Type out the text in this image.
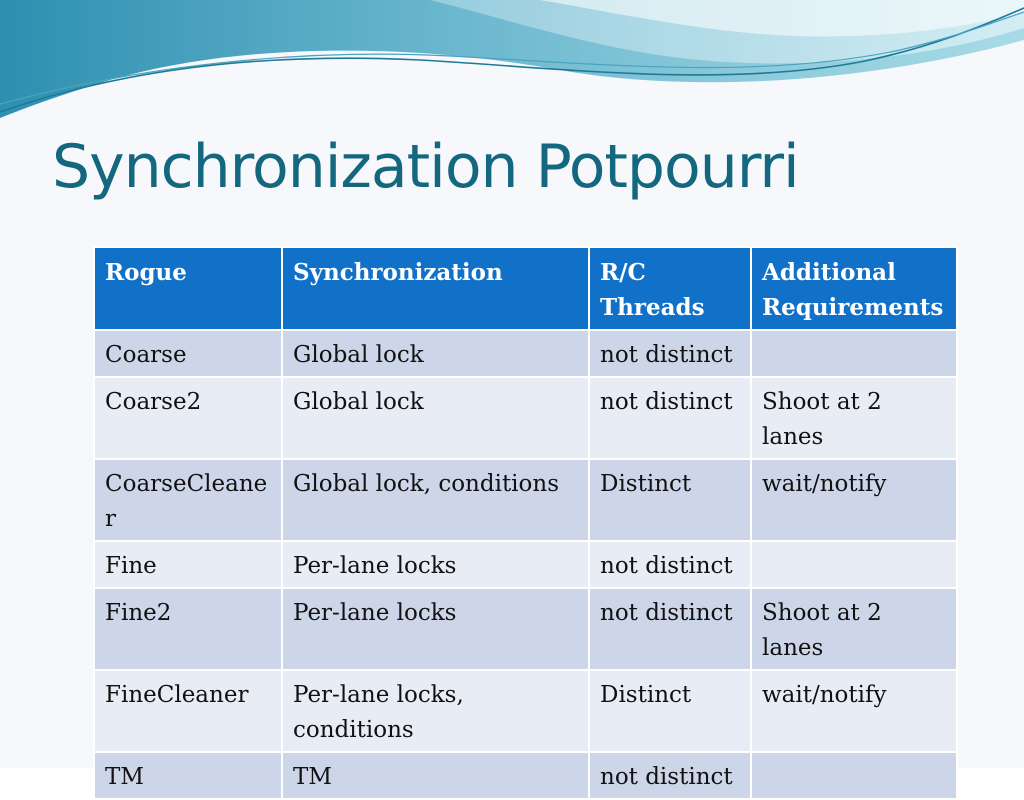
Synchronization Potpourri
Rogue	Synchronization	R/C Threads	Additional Requirements
Coarse	Global lock	not distinct	
Coarse2	Global lock	not distinct	Shoot at 2 lanes
CoarseCleaner	Global lock, conditions	Distinct	wait/notify
Fine	Per-lane locks	not distinct	
Fine2	Per-lane locks	not distinct	Shoot at 2 lanes
FineCleaner	Per-lane locks, conditions	Distinct	wait/notify
TM	TM	not distinct	
